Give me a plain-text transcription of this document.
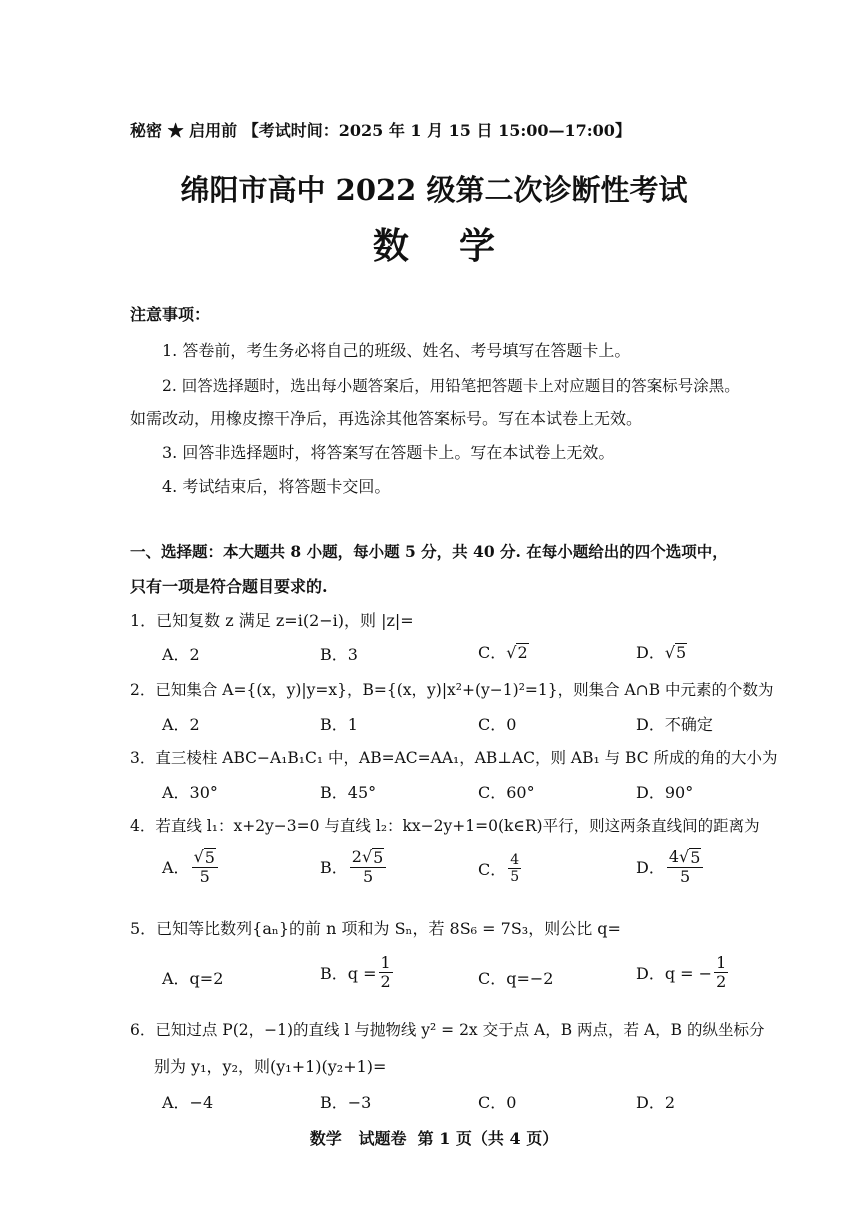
秘密 ★ 启用前 【考试时间：2025 年 1 月 15 日 15:00—17:00】
绵阳市高中 2022 级第二次诊断性考试
数    学
注意事项：
1. 答卷前，考生务必将自己的班级、姓名、考号填写在答题卡上。
2. 回答选择题时，选出每小题答案后，用铅笔把答题卡上对应题目的答案标号涂黑。
如需改动，用橡皮擦干净后，再选涂其他答案标号。写在本试卷上无效。
3. 回答非选择题时，将答案写在答题卡上。写在本试卷上无效。
4. 考试结束后，将答题卡交回。
一、选择题：本大题共 8 小题，每小题 5 分，共 40 分. 在每小题给出的四个选项中，
只有一项是符合题目要求的.
1．已知复数 z 满足 z=i(2−i)，则 |z|=
A．2	B．3	C．√ 2	D．√ 5
2．已知集合 A={(x，y)|y=x}，B={(x，y)|x²+(y−1)²=1}，则集合 A∩B 中元素的个数为
A．2	B．1	C．0	D．不确定
3．直三棱柱 ABC−A₁B₁C₁ 中，AB=AC=AA₁，AB⊥AC，则 AB₁ 与 BC 所成的角的大小为
A．30°	B．45°	C．60°	D．90°
4．若直线 l₁：x+2y−3=0 与直线 l₂：kx−2y+1=0(k∈R)平行，则这两条直线间的距离为
A． $\frac{√ 5}{5}$	B． $\frac{2√ 5}{5}$	C． $\frac{4}{5}$	D． $\frac{4√ 5}{5}$
5．已知等比数列{aₙ}的前 n 项和为 Sₙ，若 8S₆ = 7S₃，则公比 q=
A．q=2	B．$q = \frac{1}{2}$	C．q=−2	D．q = − $\frac{1}{2}$
6．已知过点 P(2，−1)的直线 l 与抛物线 y² = 2x 交于点 A，B 两点，若 A，B 的纵坐标分
别为 y₁，y₂，则(y₁+1)(y₂+1)=
A．−4	B．−3	C．0	D．2
数学   试题卷  第 1 页（共 4 页）
